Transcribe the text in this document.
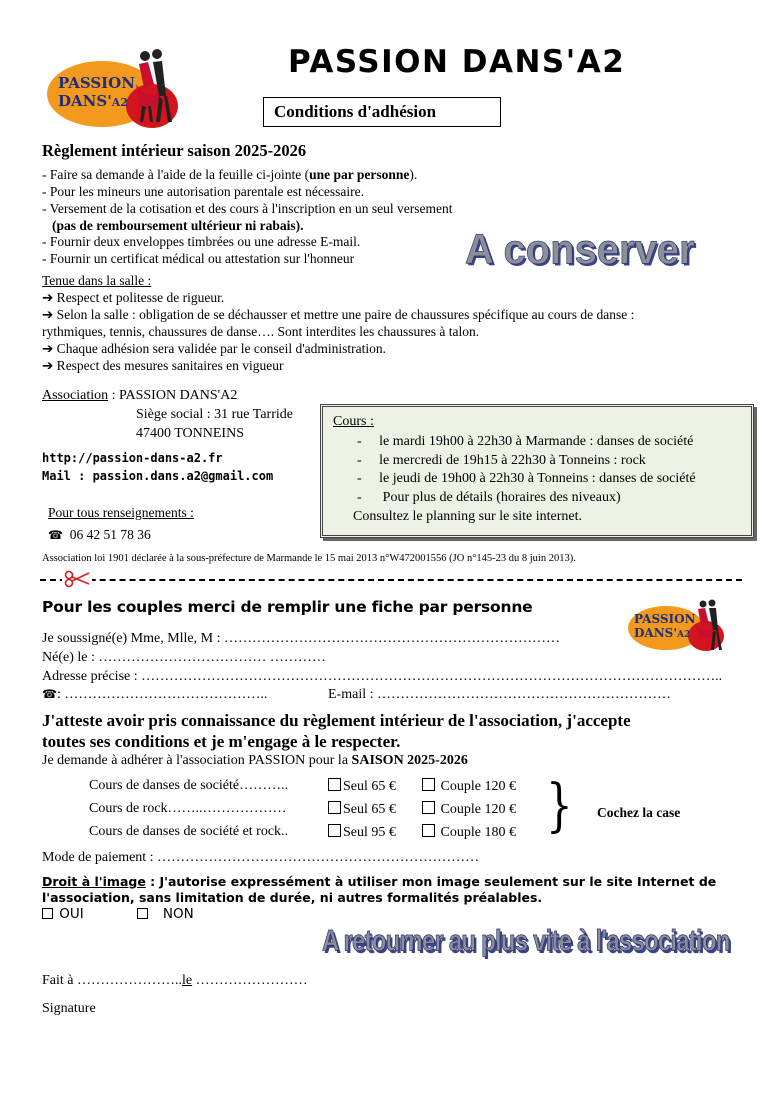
PASSION
DANS'A2
PASSION DANS'A2
Conditions d'adhésion
Règlement intérieur saison 2025-2026
- Faire sa demande à l'aide de la feuille ci-jointe (une par personne).
- Pour les mineurs une autorisation parentale est nécessaire.
- Versement de la cotisation et des cours à l'inscription en un seul versement
(pas de remboursement ultérieur ni rabais).
- Fournir deux enveloppes timbrées ou une adresse E-mail.
- Fournir un certificat médical ou attestation sur l'honneur	A conserver
Tenue dans la salle :
➔ Respect et politesse de rigueur.
➔ Selon la salle : obligation de se déchausser et mettre une paire de chaussures spécifique au cours de danse :
rythmiques, tennis, chaussures de danse…. Sont interdites les chaussures à talon.
➔ Chaque adhésion sera validée par le conseil d'administration.
➔ Respect des mesures sanitaires en vigueur
Association : PASSION DANS'A2
Siège social : 31 rue Tarride
47400 TONNEINS
http://passion-dans-a2.fr
Mail : passion.dans.a2@gmail.com
Pour tous renseignements :
☎ 06 42 51 78 36
Cours :
- le mardi 19h00 à 22h30 à Marmande : danses de société
- le mercredi de 19h15 à 22h30 à Tonneins : rock
- le jeudi de 19h00 à 22h30 à Tonneins : danses de société
-      Pour plus de détails (horaires des niveaux)
Consultez le planning sur le site internet.
Association loi 1901 déclarée à la sous-préfecture de Marmande le 15 mai 2013 n°W472001556 (JO n°145-23 du 8 juin 2013).
Pour les couples merci de remplir une fiche par personne
PASSION
DANS'A2
Je soussigné(e) Mme, Mlle, M : ………………………………………………………………
Né(e) le : ……………………………… …………
Adresse précise : ……………………………………………………………………………………………………………..
☎: ……………………………………..	E-mail : ………………………………………………………
J'atteste avoir pris connaissance du règlement intérieur de l'association, j'accepte
toutes ses conditions et je m'engage à le respecter.
Je demande à adhérer à l'association PASSION pour la SAISON 2025-2026
Cours de danses de société………..	Seul 65 €	Couple 120 €
Cours de rock……..………………	Seul 65 €	Couple 120 €
Cours de danses de société et rock..	Seul 95 €	Couple 180 € } Cochez la case
Mode de paiement : ……………………………………………………………
Droit à l'image : J'autorise expressément à utiliser mon image seulement sur le site Internet de
l'association, sans limitation de durée, ni autres formalités préalables.
OUI	NON
A retourner au plus vite à l'association
Fait à …………………..le ……………………
Signature
